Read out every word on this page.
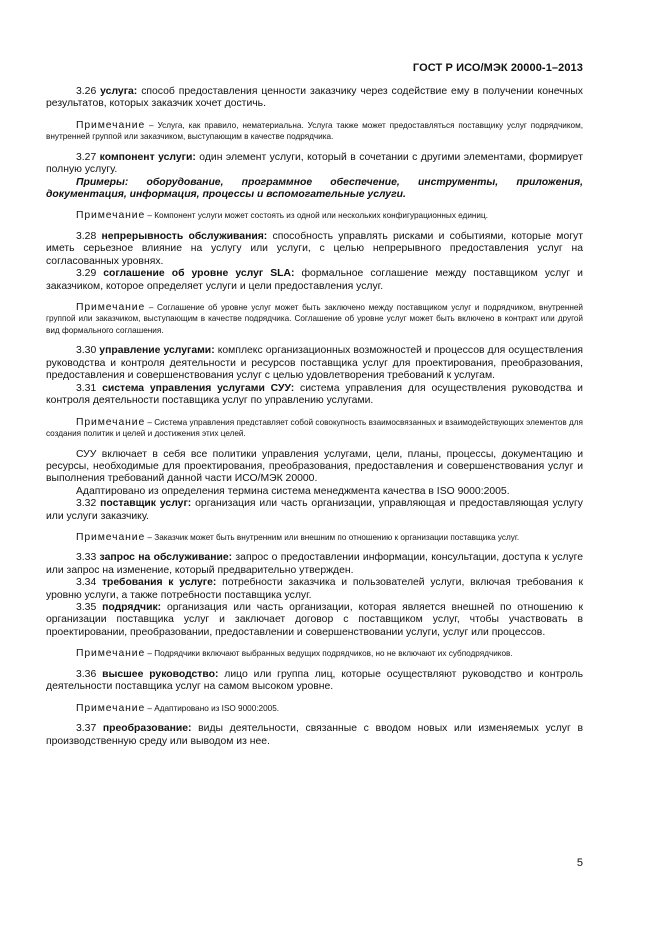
ГОСТ Р ИСО/МЭК 20000-1–2013

3.26 услуга: способ предоставления ценности заказчику через содействие ему в получении конечных результатов, которых заказчик хочет достичь.

Примечание – Услуга, как правило, нематериальна. Услуга также может предоставляться поставщику услуг подрядчиком, внутренней группой или заказчиком, выступающим в качестве подрядчика.

3.27 компонент услуги: один элемент услуги, который в сочетании с другими элементами, формирует полную услугу.

Примеры: оборудование, программное обеспечение, инструменты, приложения, документация, информация, процессы и вспомогательные услуги.

Примечание – Компонент услуги может состоять из одной или нескольких конфигурационных единиц.

3.28 непрерывность обслуживания: способность управлять рисками и событиями, которые могут иметь серьезное влияние на услугу или услуги, с целью непрерывного предоставления услуг на согласованных уровнях.

3.29 соглашение об уровне услуг SLA: формальное соглашение между поставщиком услуг и заказчиком, которое определяет услуги и цели предоставления услуг.

Примечание – Соглашение об уровне услуг может быть заключено между поставщиком услуг и подрядчиком, внутренней группой или заказчиком, выступающим в качестве подрядчика. Соглашение об уровне услуг может быть включено в контракт или другой вид формального соглашения.

3.30 управление услугами: комплекс организационных возможностей и процессов для осуществления руководства и контроля деятельности и ресурсов поставщика услуг для проектирования, преобразования, предоставления и совершенствования услуг с целью удовлетворения требований к услугам.

3.31 система управления услугами СУУ: система управления для осуществления руководства и контроля деятельности поставщика услуг по управлению услугами.

Примечание – Система управления представляет собой совокупность взаимосвязанных и взаимодействующих элементов для создания политик и целей и достижения этих целей.

СУУ включает в себя все политики управления услугами, цели, планы, процессы, документацию и ресурсы, необходимые для проектирования, преобразования, предоставления и совершенствования услуг и выполнения требований данной части ИСО/МЭК 20000.

Адаптировано из определения термина система менеджмента качества в ISO 9000:2005.

3.32 поставщик услуг: организация или часть организации, управляющая и предоставляющая услугу или услуги заказчику.

Примечание – Заказчик может быть внутренним или внешним по отношению к организации поставщика услуг.

3.33 запрос на обслуживание: запрос о предоставлении информации, консультации, доступа к услуге или запрос на изменение, который предварительно утвержден.

3.34 требования к услуге: потребности заказчика и пользователей услуги, включая требования к уровню услуги, а также потребности поставщика услуг.

3.35 подрядчик: организация или часть организации, которая является внешней по отношению к организации поставщика услуг и заключает договор с поставщиком услуг, чтобы участвовать в проектировании, преобразовании, предоставлении и совершенствовании услуги, услуг или процессов.

Примечание – Подрядчики включают выбранных ведущих подрядчиков, но не включают их субподрядчиков.

3.36 высшее руководство: лицо или группа лиц, которые осуществляют руководство и контроль деятельности поставщика услуг на самом высоком уровне.

Примечание – Адаптировано из ISO 9000:2005.

3.37 преобразование: виды деятельности, связанные с вводом новых или изменяемых услуг в производственную среду или выводом из нее.

5
